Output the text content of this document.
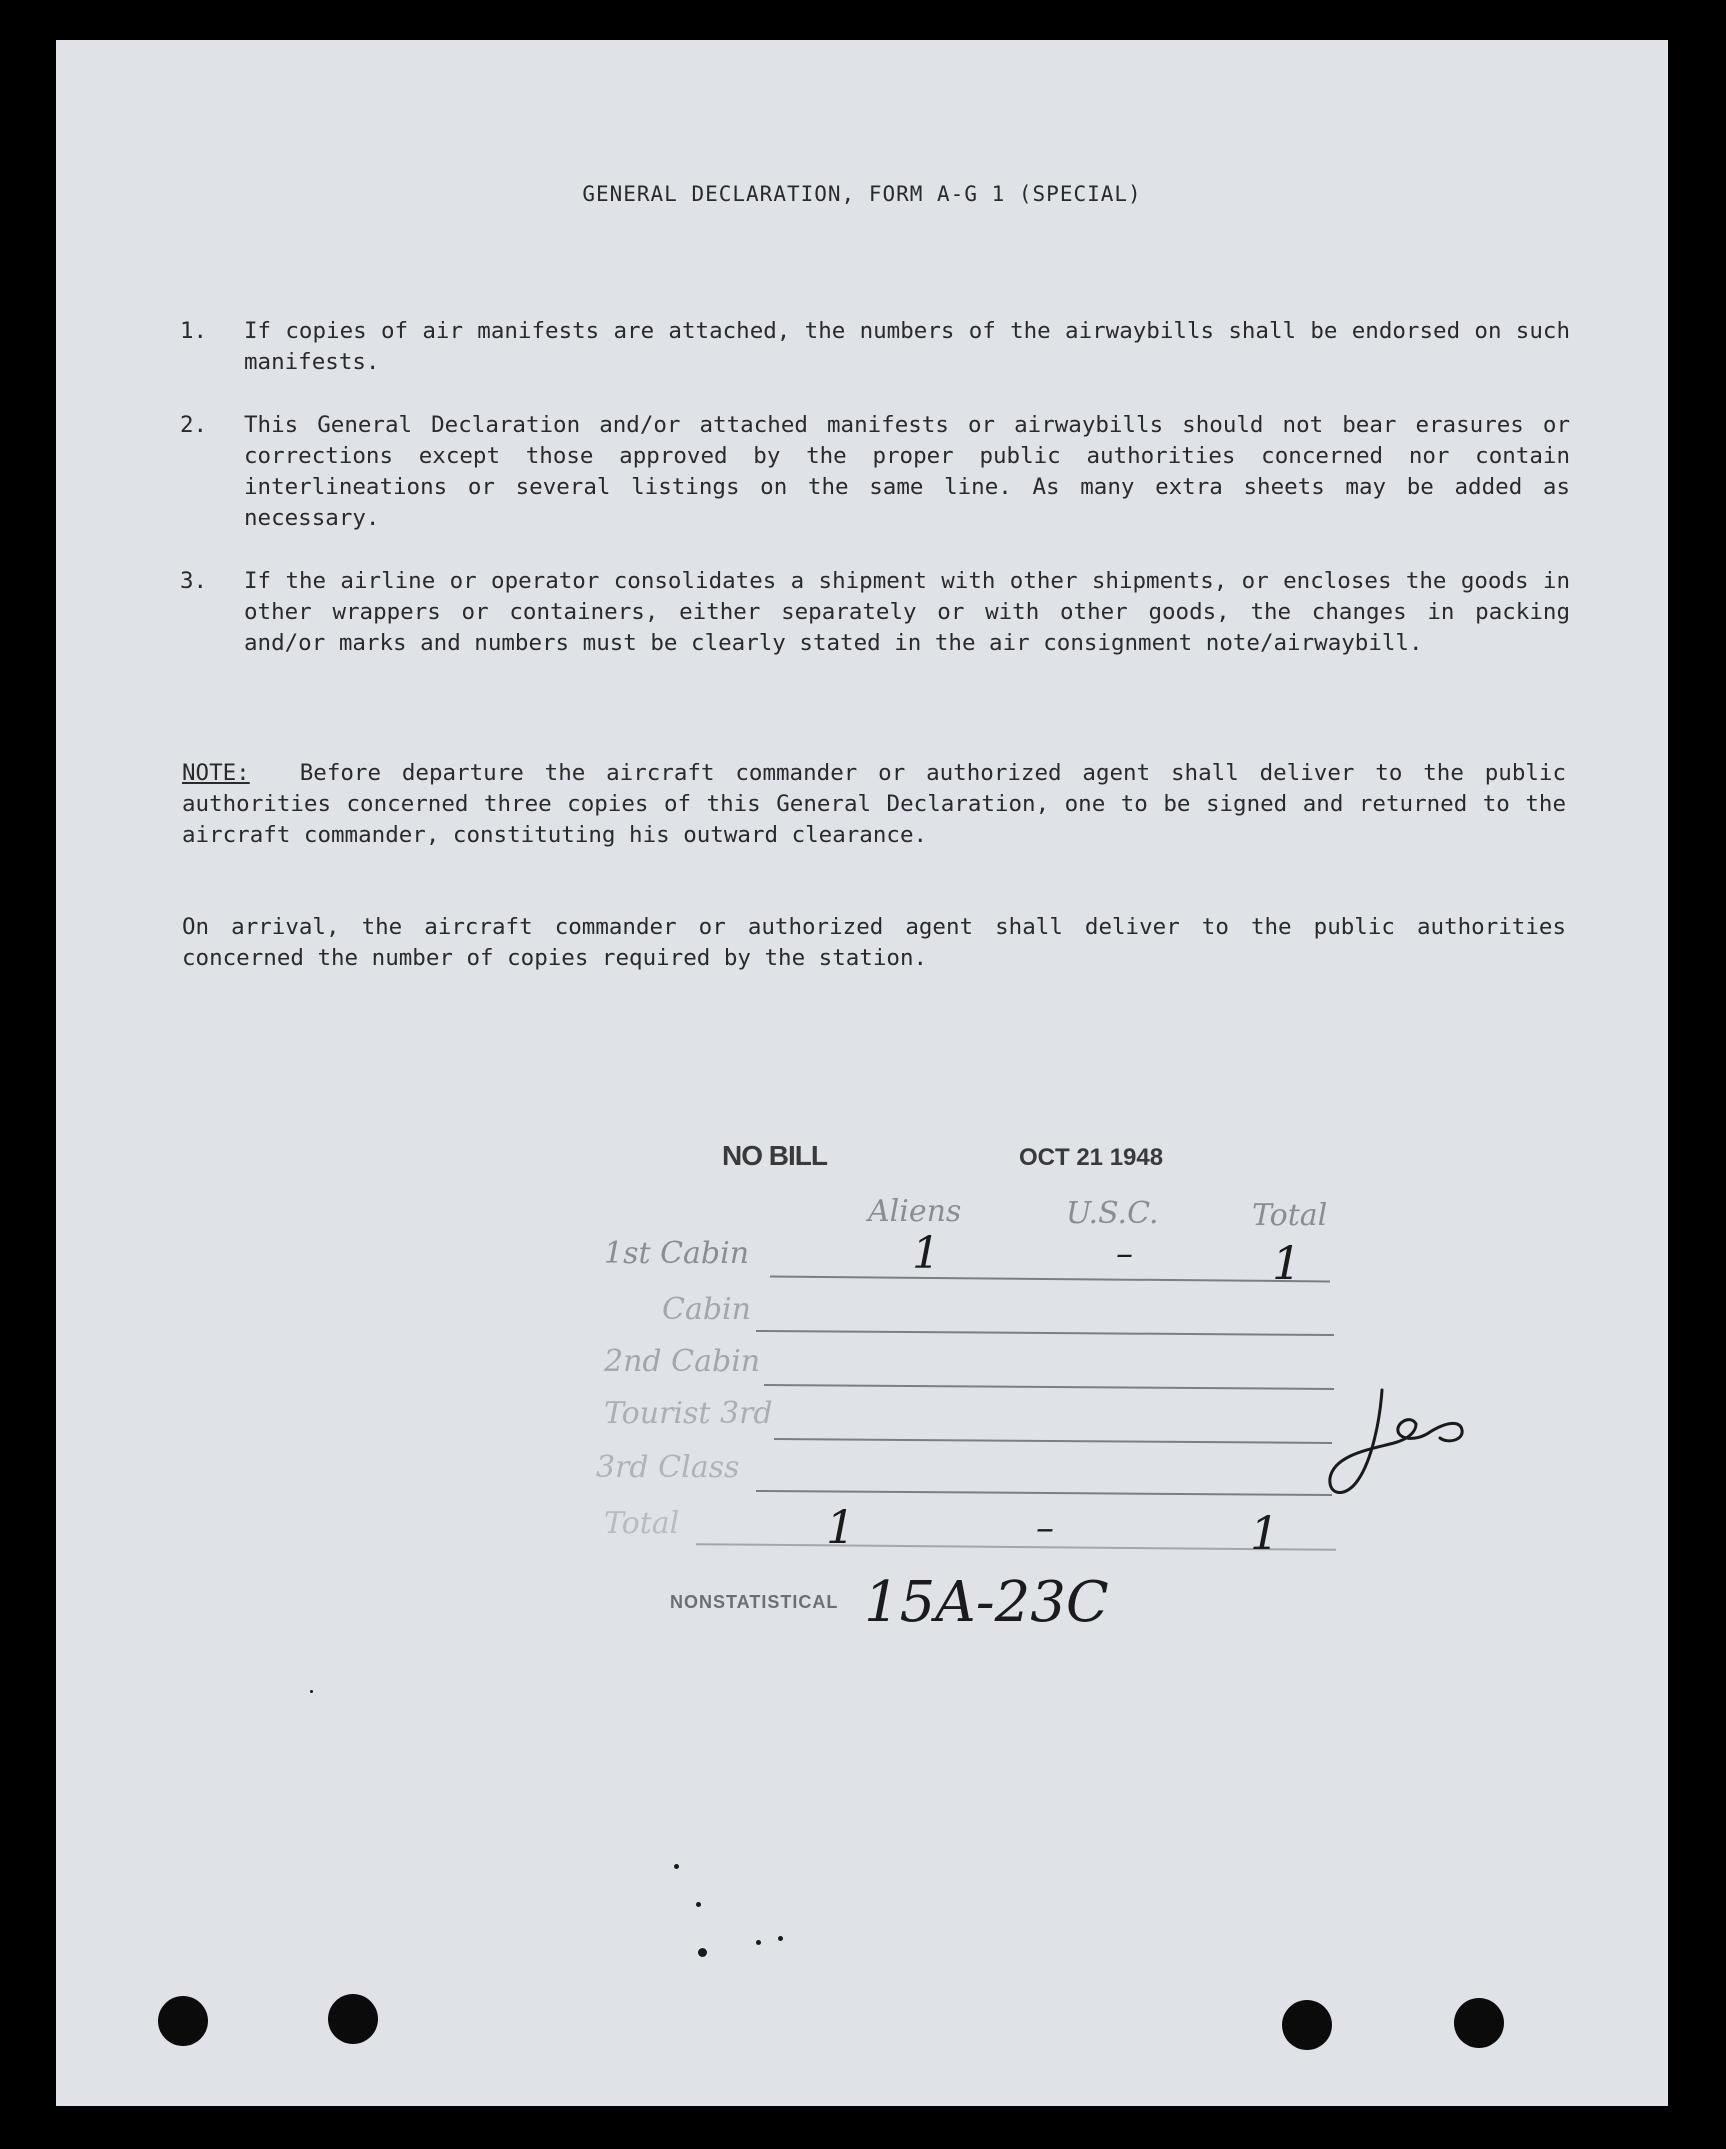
GENERAL DECLARATION, FORM A-G 1 (SPECIAL)
1. If copies of air manifests are attached, the numbers of the airwaybills shall be endorsed on such manifests.
2. This General Declaration and/or attached manifests or airwaybills should not bear erasures or corrections except those approved by the proper public authorities concerned nor contain interlineations or several listings on the same line. As many extra sheets may be added as necessary.
3. If the airline or operator consolidates a shipment with other shipments, or encloses the goods in other wrappers or containers, either separately or with other goods, the changes in packing and/or marks and numbers must be clearly stated in the air consignment note/airwaybill.
NOTE: Before departure the aircraft commander or authorized agent shall deliver to the public authorities concerned three copies of this General Declaration, one to be signed and returned to the aircraft commander, constituting his outward clearance.
On arrival, the aircraft commander or authorized agent shall deliver to the public authorities concerned the number of copies required by the station.
NO BILL	OCT 21 1948
Aliens	U.S.C.	Total
1st Cabin	1	–	1
Cabin
2nd Cabin
Tourist 3rd
3rd Class
Total	1	–	1
NONSTATISTICAL 15A-23C
